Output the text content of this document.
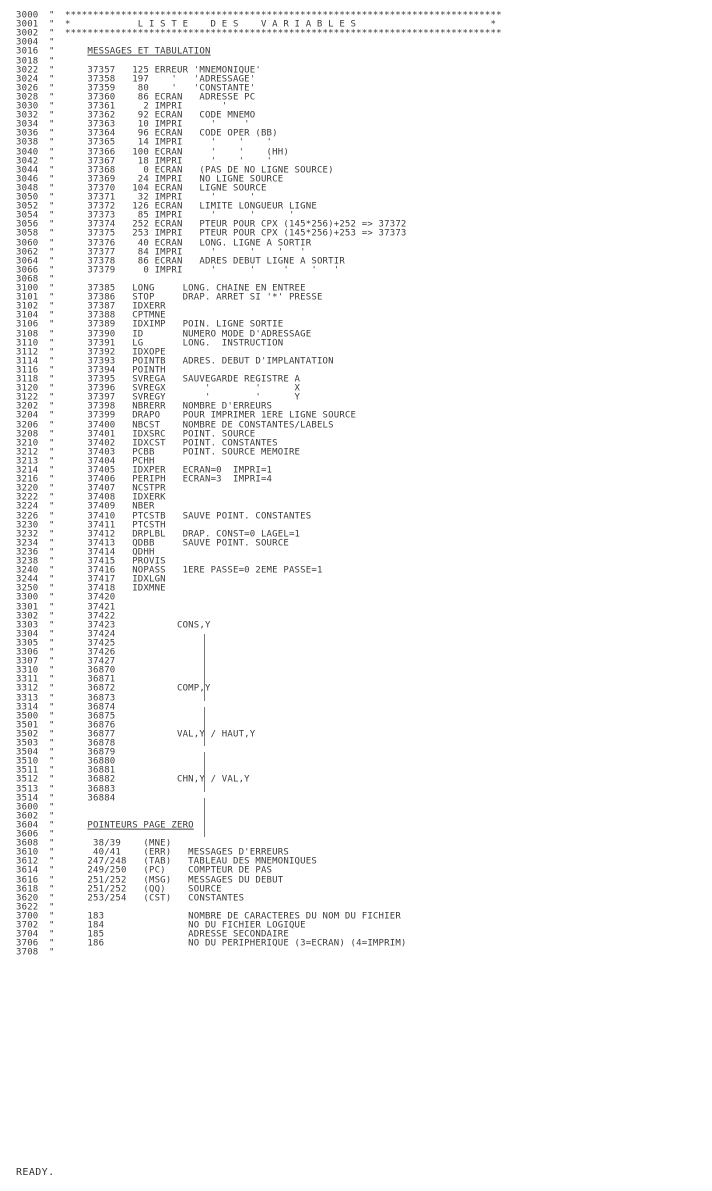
3000 " ******************************************************************************
3001 " *            L I S T E    D E S    V A R I A B L E S                        *
3002 " ******************************************************************************
3004 "
3016 "	MESSAGES ET TABULATION
3018 "
3022 "	37357   125 ERREUR 'MNEMONIQUE'
3024 "	37358   197    '   'ADRESSAGE'
3026 "	37359    80    '   'CONSTANTE'
3028 "	37360    86 ECRAN   ADRESSE PC
3030 "	37361     2 IMPRI       '
3032 "	37362    92 ECRAN   CODE MNEMO
3034 "	37363    10 IMPRI     '     '
3036 "	37364    96 ECRAN   CODE OPER (BB)
3038 "	37365    14 IMPRI     '    '    '
3040 "	37366   100 ECRAN     '    '    (HH)
3042 "	37367    18 IMPRI     '    '    '
3044 "	37368     0 ECRAN   (PAS DE NO LIGNE SOURCE)
3046 "	37369    24 IMPRI   NO LIGNE SOURCE
3048 "	37370   104 ECRAN   LIGNE SOURCE
3050 "	37371    32 IMPRI     '      '
3052 "	37372   126 ECRAN   LIMITE LONGUEUR LIGNE
3054 "	37373    85 IMPRI     '      '      '
3056 "	37374   252 ECRAN   PTEUR POUR CPX (145*256)+252 => 37372
3058 "	37375   253 IMPRI   PTEUR POUR CPX (145*256)+253 => 37373
3060 "	37376    40 ECRAN   LONG. LIGNE A SORTIR
3062 "	37377    84 IMPRI     '      '    '   '
3064 "	37378    86 ECRAN   ADRES DEBUT LIGNE A SORTIR
3066 "	37379     0 IMPRI     '      '     '    '   '
3068 "
3100 "	37385   LONG     LONG. CHAINE EN ENTREE
3101 "	37386   STOP     DRAP. ARRET SI '*' PRESSE
3102 "	37387   IDXERR
3104 "	37388   CPTMNE
3106 "	37389   IDXIMP   POIN. LIGNE SORTIE
3108 "	37390   ID       NUMERO MODE D'ADRESSAGE
3110 "	37391   LG       LONG.  INSTRUCTION
3112 "	37392   IDXOPE
3114 "	37393   POINTB   ADRES. DEBUT D'IMPLANTATION
3116 "	37394   POINTH
3118 "	37395   SVREGA   SAUVEGARDE REGISTRE A
3120 "	37396   SVREGX       '        '      X
3122 "	37397   SVREGY       '        '      Y
3202 "	37398   NBRERR   NOMBRE D'ERREURS
3204 "	37399   DRAPO    POUR IMPRIMER 1ERE LIGNE SOURCE
3206 "	37400   NBCST    NOMBRE DE CONSTANTES/LABELS
3208 "	37401   IDXSRC   POINT. SOURCE
3210 "	37402   IDXCST   POINT. CONSTANTES
3212 "	37403   PCBB     POINT. SOURCE MEMOIRE
3213 "	37404   PCHH
3214 "	37405   IDXPER   ECRAN=0  IMPRI=1
3216 "	37406   PERIPH   ECRAN=3  IMPRI=4
3220 "	37407   NCSTPR
3222 "	37408   IDXERK
3224 "	37409   NBER
3226 "	37410   PTCSTB   SAUVE POINT. CONSTANTES
3230 "	37411   PTCSTH
3232 "	37412   DRPLBL   DRAP. CONST=0 LAGEL=1
3234 "	37413   QDBB     SAUVE POINT. SOURCE
3236 "	37414   QDHH
3238 "	37415   PROVIS
3240 "	37416   NOPASS   1ERE PASSE=0 2EME PASSE=1
3244 "	37417   IDXLGN
3250 "	37418   IDXMNE
3300 "	37420
3301 "	37421
3302 "	37422
3303 "	37423           CONS,Y
3304 "	37424
3305 "	37425
3306 "	37426
3307 "	37427
3310 "	36870
3311 "	36871
3312 "	36872           COMP,Y
3313 "	36873
3314 "	36874
3500 "	36875
3501 "	36876
3502 "	36877           VAL,Y / HAUT,Y
3503 "	36878
3504 "	36879
3510 "	36880
3511 "	36881
3512 "	36882           CHN,Y / VAL,Y
3513 "	36883
3514 "	36884
3600 "
3602 "
3604 "	POINTEURS PAGE ZERO
3606 "
3608 "	38/39    (MNE)
3610 "	40/41    (ERR)   MESSAGES D'ERREURS
3612 "	247/248   (TAB)   TABLEAU DES MNEMONIQUES
3614 "	249/250   (PC)    COMPTEUR DE PAS
3616 "	251/252   (MSG)   MESSAGES DU DEBUT
3618 "	251/252   (QQ)    SOURCE
3620 "	253/254   (CST)   CONSTANTES
3622 "
3700 "	183               NOMBRE DE CARACTERES DU NOM DU FICHIER
3702 "	184               NO DU FICHIER LOGIQUE
3704 "	185               ADRESSE SECONDAIRE
3706 "	186               NO DU PERIPHERIQUE (3=ECRAN) (4=IMPRIM)
3708 "
READY.
